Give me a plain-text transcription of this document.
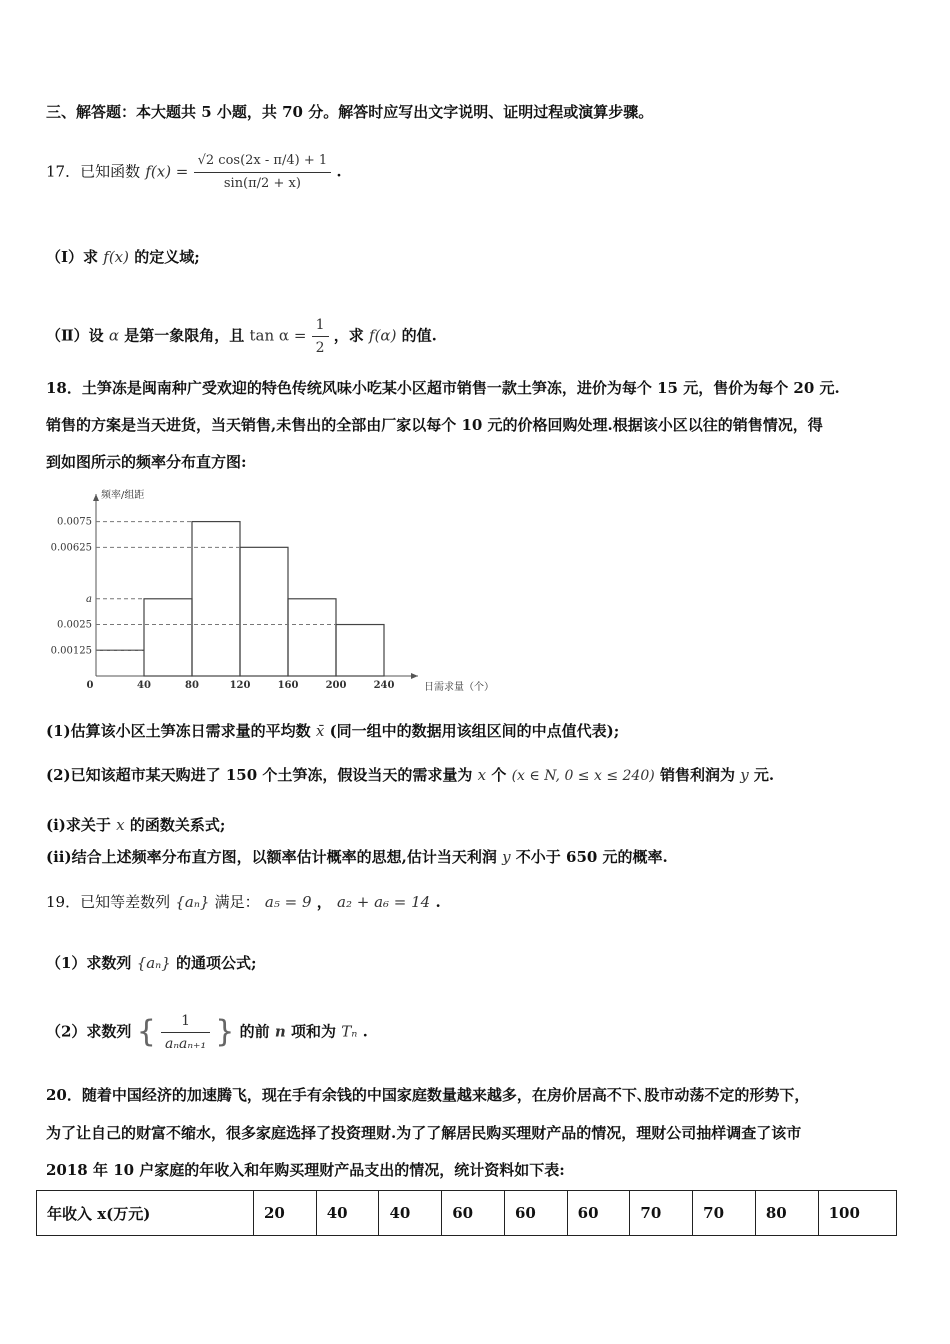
三、解答题：本大题共 5 小题，共 70 分。解答时应写出文字说明、证明过程或演算步骤。
17．已知函数 $f(x) = \frac{√2 \cos(2x - \pi/4) + 1}{\sin(\pi/2 + x)}$ .
（Ⅰ）求 f(x) 的定义域;
（Ⅱ）设 α 是第一象限角，且 $\tan \alpha = \frac{1}{2}$ ，求 f(α) 的值.
18．土笋冻是闽南种广受欢迎的特色传统风味小吃某小区超市销售一款土笋冻，进价为每个 15 元，售价为每个 20 元.
销售的方案是当天进货，当天销售,未售出的全部由厂家以每个 10 元的价格回购处理.根据该小区以往的销售情况，得
到如图所示的频率分布直方图:
0.0075
0.00625
a
0.0025
0.00125
0	40	80	120	160	200	240
频率/组距
日需求量（个）
(1)估算该小区土笋冻日需求量的平均数 x̄ (同一组中的数据用该组区间的中点值代表);
(2)已知该超市某天购进了 150 个土笋冻，假设当天的需求量为 x 个 (x ∈ N, 0 ≤ x ≤ 240) 销售利润为 y 元.
(i)求关于 x 的函数关系式;
(ii)结合上述频率分布直方图，以额率估计概率的思想,估计当天利润 y 不小于 650 元的概率.
19．已知等差数列 {aₙ} 满足： a₅ = 9 ， a₂ + a₆ = 14 .
（1）求数列 {aₙ} 的通项公式;
（2）求数列 { $\frac{1}{\text{aₙaₙ₊₁}}$ } 的前 n 项和为 Tₙ .
20．随着中国经济的加速腾飞，现在手有余钱的中国家庭数量越来越多，在房价居高不下､股市动荡不定的形势下，
为了让自己的财富不缩水，很多家庭选择了投资理财.为了了解居民购买理财产品的情况，理财公司抽样调查了该市
2018 年 10 户家庭的年收入和年购买理财产品支出的情况，统计资料如下表:
年收入 x(万元)	20	40	40	60	60	60	70	70	80	100
